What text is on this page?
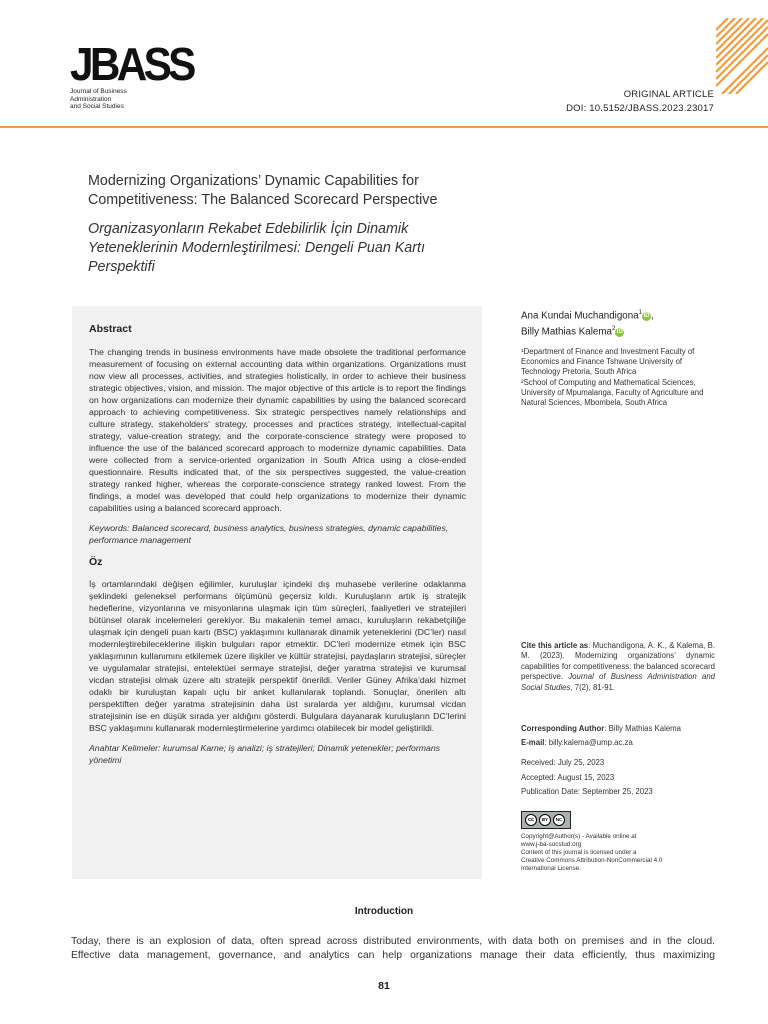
JBASS
Journal of Business
Administration
and Social Studies
ORIGINAL ARTICLE
DOI: 10.5152/JBASS.2023.23017
Modernizing Organizations’ Dynamic Capabilities for Competitiveness: The Balanced Scorecard Perspective
Organizasyonların Rekabet Edebilirlik İçin Dinamik Yeteneklerinin Modernleştirilmesi: Dengeli Puan Kartı Perspektifi
Abstract
The changing trends in business environments have made obsolete the traditional performance measurement of focusing on external accounting data within organizations. Organizations must now view all processes, activities, and strategies holistically, in order to achieve their business strategic objectives, vision, and mission. The major objective of this article is to report the findings on how organizations can modernize their dynamic capabilities by using the balanced scorecard approach to achieving competitiveness. Six strategic perspectives namely relationships and culture strategy, stakeholders’ strategy, processes and practices strategy, intellectual-capital strategy, value-creation strategy, and the corporate-conscience strategy were proposed to influence the use of the balanced scorecard approach to modernize dynamic capabilities. Data were collected from a service-oriented organization in South Africa using a close-ended questionnaire. Results indicated that, of the six perspectives suggested, the value-creation strategy ranked higher, whereas the corporate-conscience strategy ranked lowest. From the findings, a model was developed that could help organizations to modernize their dynamic capabilities using a balanced scorecard approach.
Keywords: Balanced scorecard, business analytics, business strategies, dynamic capabilities, performance management
Öz
İş ortamlarındaki değişen eğilimler, kuruluşlar içindeki dış muhasebe verilerine odaklanma şeklindeki geleneksel performans ölçümünü geçersiz kıldı. Kuruluşların artık iş stratejik hedeflerine, vizyonlarına ve misyonlarına ulaşmak için tüm süreçleri, faaliyetleri ve stratejileri bütünsel olarak incelemeleri gerekiyor. Bu makalenin temel amacı, kuruluşların rekabetçiliğe ulaşmak için dengeli puan kartı (BSC) yaklaşımını kullanarak dinamik yeteneklerini (DC’ler) nasıl modernleştirebileceklerine ilişkin bulguları rapor etmektir. DC’leri modernize etmek için BSC yaklaşımının kullanımını etkilemek üzere ilişkiler ve kültür stratejisi, paydaşların stratejisi, süreçler ve uygulamalar stratejisi, entelektüel sermaye stratejisi, değer yaratma stratejisi ve kurumsal vicdan stratejisi olmak üzere altı stratejik perspektif önerildi. Veriler Güney Afrika’daki hizmet odaklı bir kuruluştan kapalı uçlu bir anket kullanılarak toplandı. Sonuçlar, önerilen altı perspektiften değer yaratma stratejisinin daha üst sıralarda yer aldığını, kurumsal vicdan stratejisinin ise en düşük sırada yer aldığını gösterdi. Bulgulara dayanarak kuruluşların DC’lerini BSC yaklaşımını kullanarak modernleştirmelerine yardımcı olabilecek bir model geliştirildi.
Anahtar Kelimeler: kurumsal Karne; iş analizi; iş stratejileri; Dinamik yetenekler; performans yönetimi
Ana Kundai Muchandigona$^1$iD ,
Billy Mathias Kalema$^2$iD
¹Department of Finance and Investment Faculty of Economics and Finance Tshwane University of Technology Pretoria, South Africa
²School of Computing and Mathematical Sciences, University of Mpumalanga, Faculty of Agriculture and Natural Sciences, Mbombela, South Africa
Cite this article as: Muchandigona, A. K., & Kalema, B. M. (2023). Modernizing organizations’ dynamic capabilities for competitiveness: the balanced scorecard perspective. Journal of Business Administration and Social Studies, 7(2), 81-91.
Corresponding Author: Billy Mathias Kalema
E-mail: billy.kalema@ump.ac.za
Received: July 25, 2023
Accepted: August 15, 2023
Publication Date: September 25, 2023
cc	BY	NC
Copyright@Author(s) - Available online at
www.j-ba-socstud.org
Content of this journal is licensed under a
Creative Commons Attribution-NonCommercial 4.0
International License.
Introduction
Today, there is an explosion of data, often spread across distributed environments, with data both on premises and in the cloud.
Effective data management, governance, and analytics can help organizations manage their data efficiently, thus maximizing
81
